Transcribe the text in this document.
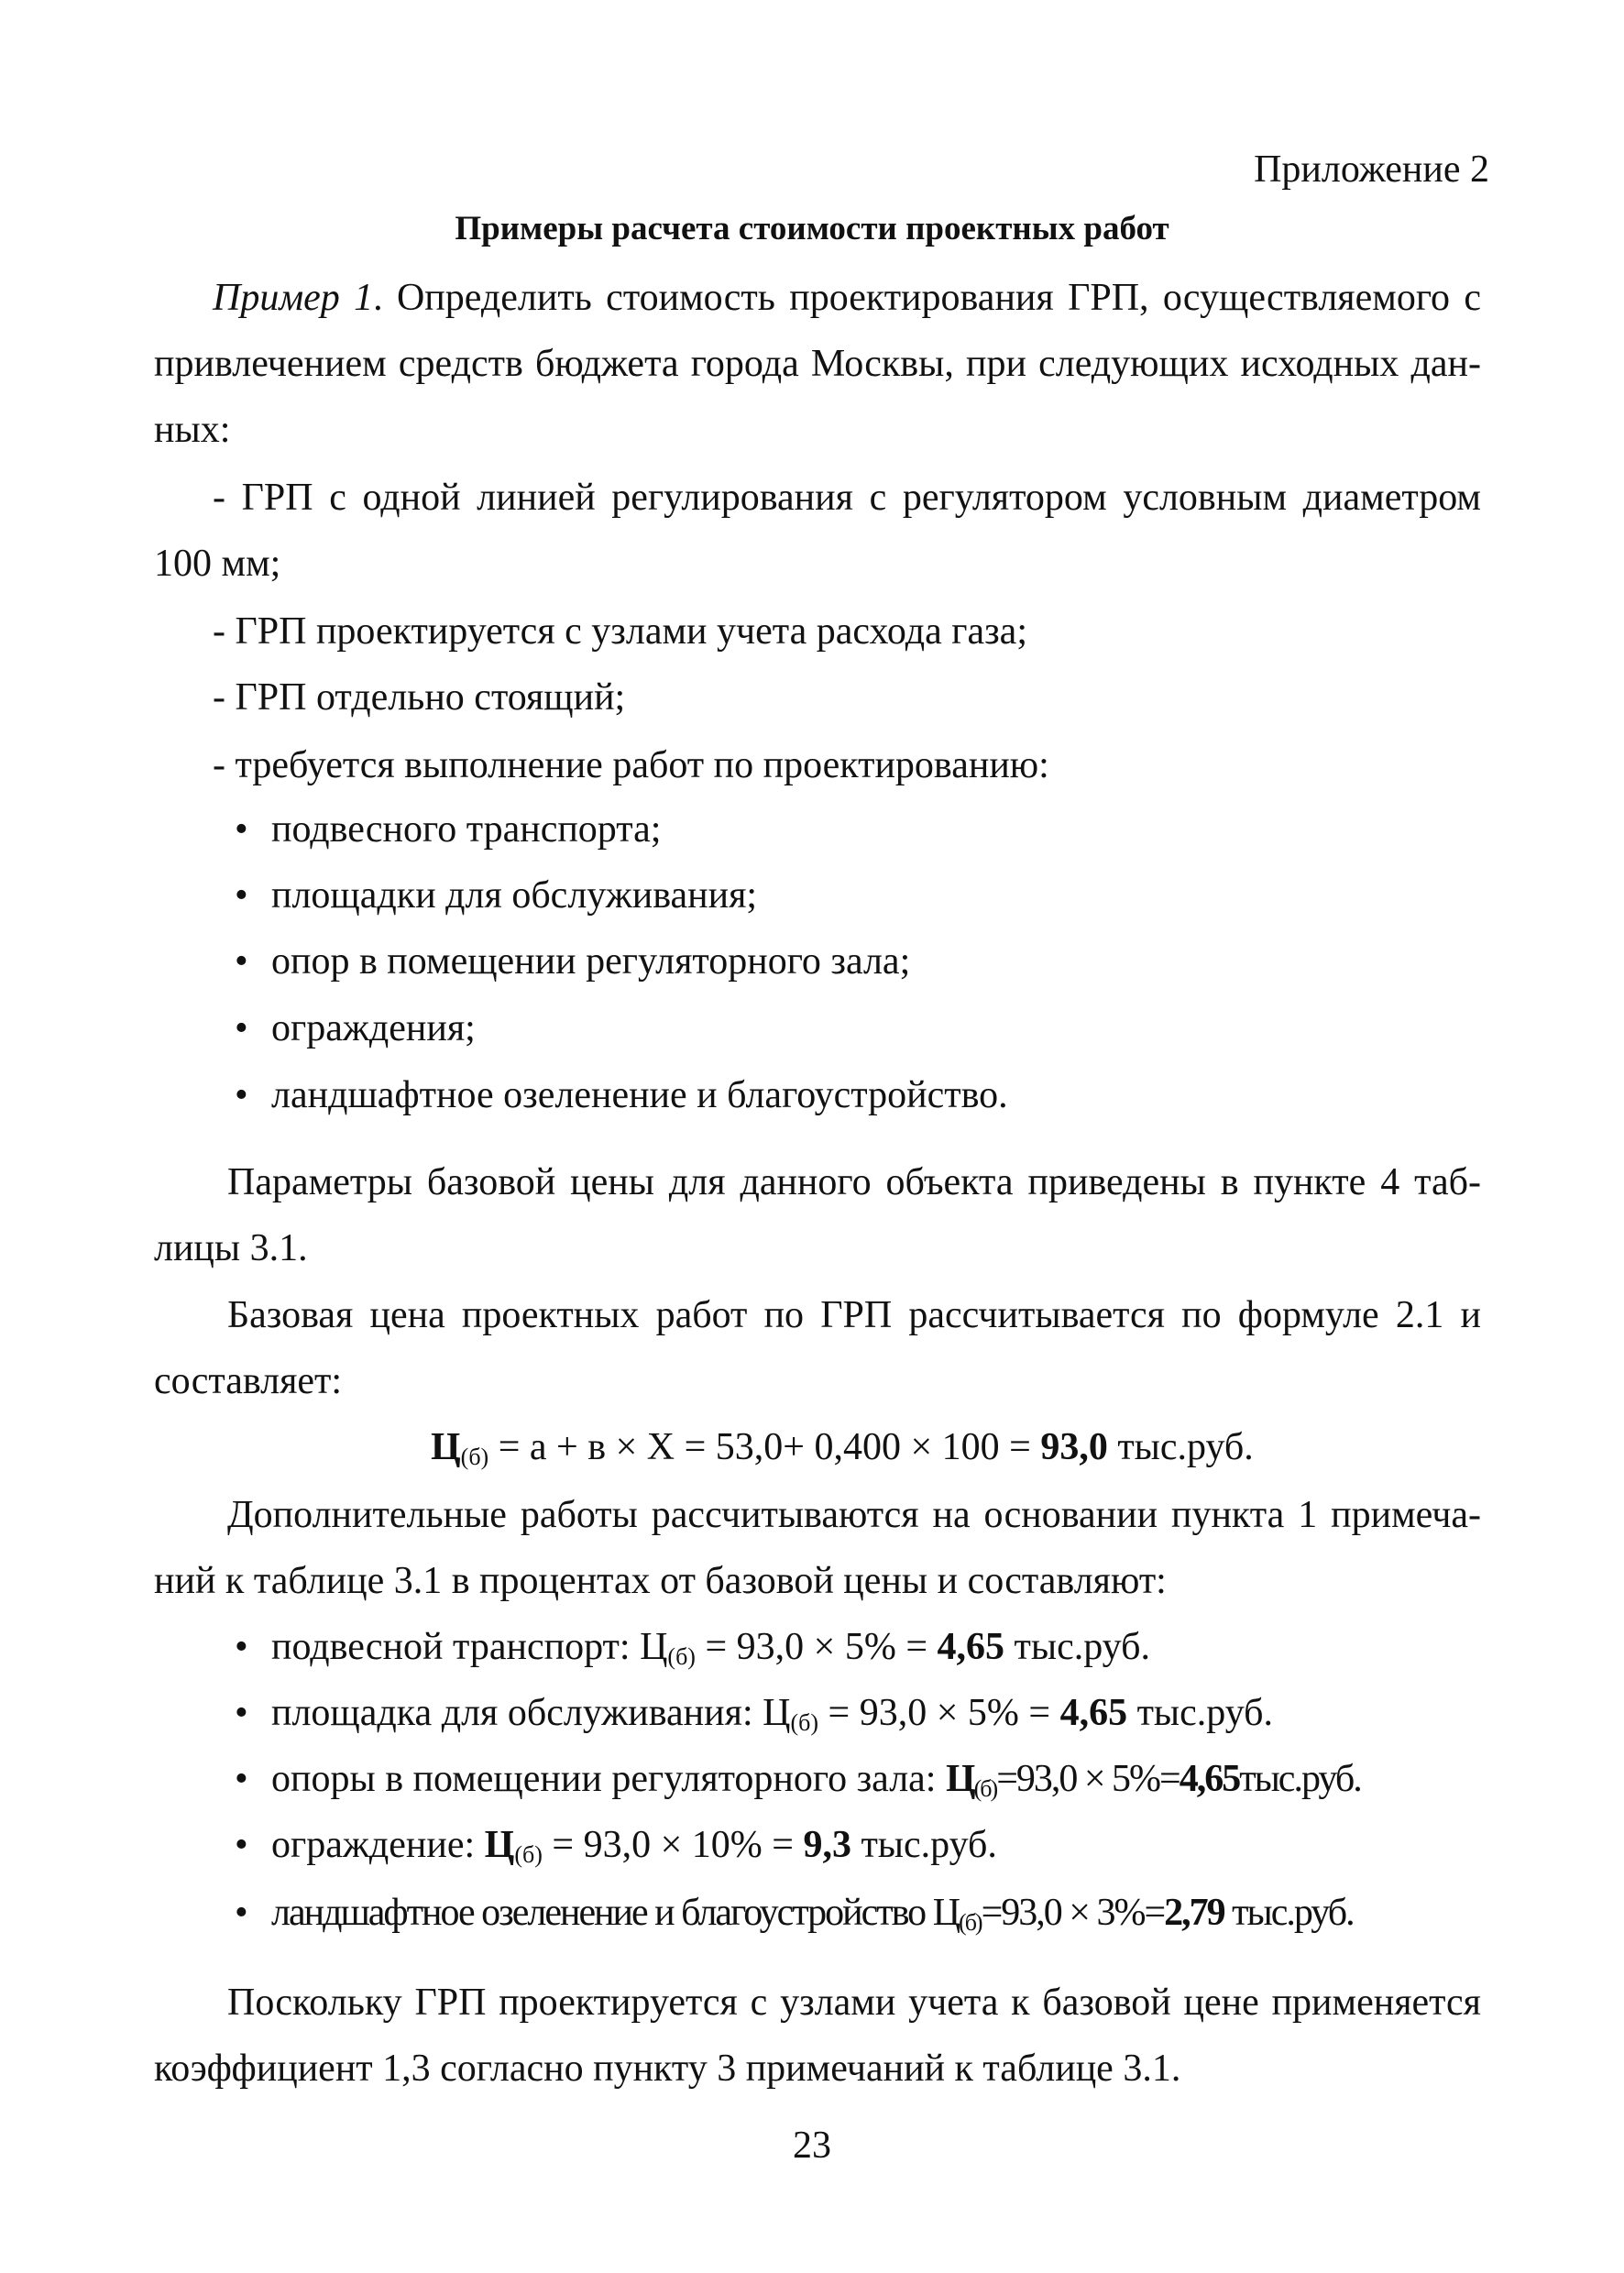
Приложение 2
Примеры расчета стоимости проектных работ
Пример 1. Определить стоимость проектирования ГРП, осуществляемого с
привлечением средств бюджета города Москвы, при следующих исходных дан-
ных:
- ГРП с одной линией регулирования с регулятором условным диаметром
100 мм;
- ГРП проектируется с узлами учета расхода газа;
- ГРП отдельно стоящий;
- требуется выполнение работ по проектированию:
• подвесного транспорта;
• площадки для обслуживания;
• опор в помещении регуляторного зала;
• ограждения;
• ландшафтное озеленение и благоустройство.
Параметры базовой цены для данного объекта приведены в пункте 4 таб-
лицы 3.1.
Базовая цена проектных работ по ГРП рассчитывается по формуле 2.1 и
составляет:
$Ц_{(б)} = а + в \times Х = 53,0+ 0,400 \times 100 = 93,0$ тыс.руб.
Дополнительные работы рассчитываются на основании пункта 1 примеча-
ний к таблице 3.1 в процентах от базовой цены и составляют:
• подвесной транспорт: $Ц_{(б)} = 93,0 \times 5\% = 4,65$ тыс.руб.
• площадка для обслуживания: $Ц_{(б)} = 93,0 \times 5\% = 4,65$ тыс.руб.
• опоры в помещении регуляторного зала: $Ц_{(б)}=93,0 \times 5\%=4,65тыс.руб$.
• ограждение: $Ц_{(б)} = 93,0 \times 10\% = 9,3$ тыс.руб.
• ландшафтное озеленение и благоустройство $Ц_{(б)}=93,0 \times 3\%=2,79$ тыс.руб.
Поскольку ГРП проектируется с узлами учета к базовой цене применяется
коэффициент 1,3 согласно пункту 3 примечаний к таблице 3.1.
23
